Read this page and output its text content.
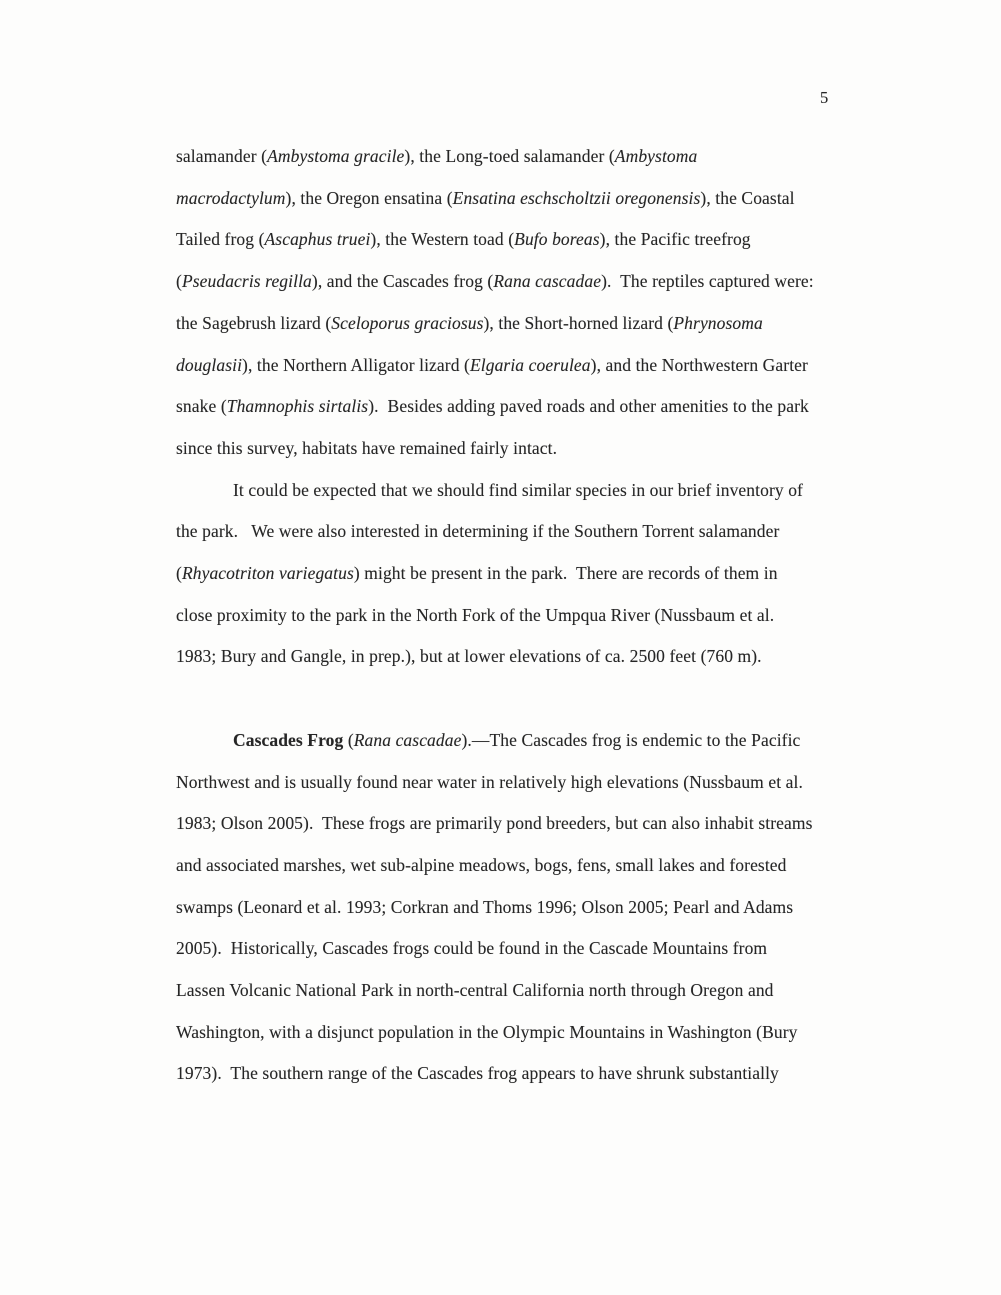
5
salamander (Ambystoma gracile), the Long-toed salamander (Ambystoma
macrodactylum), the Oregon ensatina (Ensatina eschscholtzii oregonensis), the Coastal
Tailed frog (Ascaphus truei), the Western toad (Bufo boreas), the Pacific treefrog
(Pseudacris regilla), and the Cascades frog (Rana cascadae).  The reptiles captured were:
the Sagebrush lizard (Sceloporus graciosus), the Short-horned lizard (Phrynosoma
douglasii), the Northern Alligator lizard (Elgaria coerulea), and the Northwestern Garter
snake (Thamnophis sirtalis).  Besides adding paved roads and other amenities to the park
since this survey, habitats have remained fairly intact.
It could be expected that we should find similar species in our brief inventory of
the park.   We were also interested in determining if the Southern Torrent salamander
(Rhyacotriton variegatus) might be present in the park.  There are records of them in
close proximity to the park in the North Fork of the Umpqua River (Nussbaum et al.
1983; Bury and Gangle, in prep.), but at lower elevations of ca. 2500 feet (760 m).
Cascades Frog (Rana cascadae).—The Cascades frog is endemic to the Pacific
Northwest and is usually found near water in relatively high elevations (Nussbaum et al.
1983; Olson 2005).  These frogs are primarily pond breeders, but can also inhabit streams
and associated marshes, wet sub-alpine meadows, bogs, fens, small lakes and forested
swamps (Leonard et al. 1993; Corkran and Thoms 1996; Olson 2005; Pearl and Adams
2005).  Historically, Cascades frogs could be found in the Cascade Mountains from
Lassen Volcanic National Park in north-central California north through Oregon and
Washington, with a disjunct population in the Olympic Mountains in Washington (Bury
1973).  The southern range of the Cascades frog appears to have shrunk substantially
